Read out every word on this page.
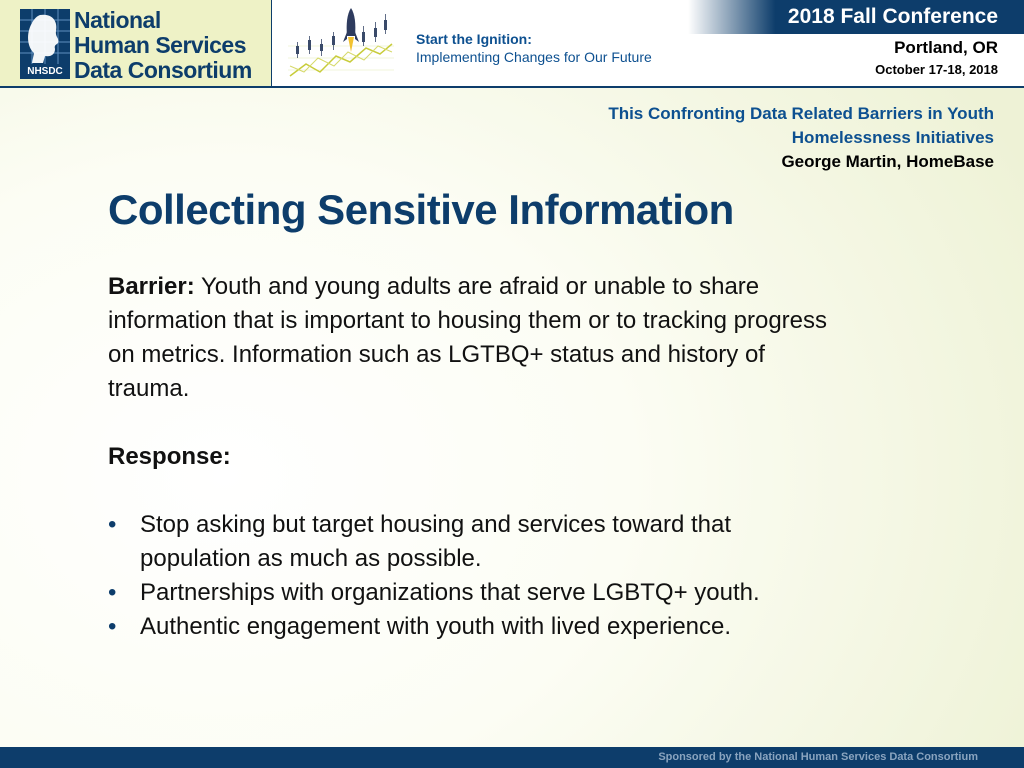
NHSDC
National
Human Services
Data Consortium
Start the Ignition:
Implementing Changes for Our Future
2018 Fall Conference
Portland, OR
October 17-18, 2018
This Confronting Data Related Barriers in Youth
Homelessness Initiatives
George Martin, HomeBase
Collecting Sensitive Information

Barrier: Youth and young adults are afraid or unable to share information that is important to housing them or to tracking progress on metrics. Information such as LGTBQ+ status and history of trauma.

Response:

• Stop asking but target housing and services toward that population as much as possible.
• Partnerships with organizations that serve LGBTQ+ youth.
• Authentic engagement with youth with lived experience.
Sponsored by the National Human Services Data Consortium
